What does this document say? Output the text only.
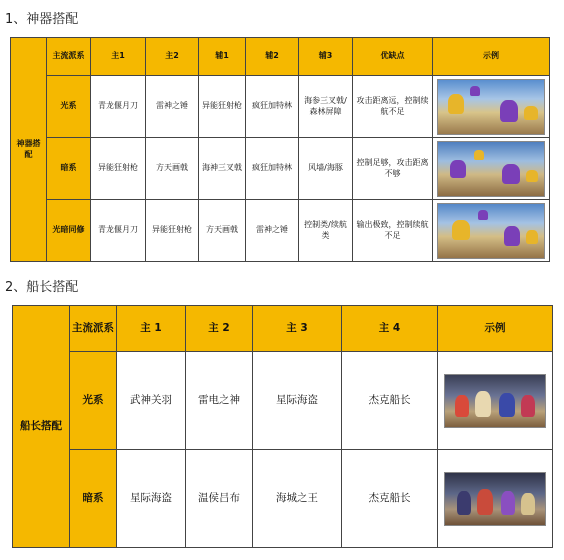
1、神器搭配
神器搭配	主流派系	主1	主2	辅1	辅2	辅3	优缺点	示例
	光系	青龙偃月刀	雷神之锤	异能狂射枪	疯狂加特林	海参三叉戟/森林屏障	攻击距离远，控制续航不足	

	暗系	异能狂射枪	方天画戟	海神三叉戟	疯狂加特林	风墙/海豚	控制足够，攻击距离不够	

	光暗同修	青龙偃月刀	异能狂射枪	方天画戟	雷神之锤	控制类/续航类	输出极致，控制续航不足	
2、船长搭配
船长搭配	主流派系	主 1	主 2	主 3	主 4	示例
	光系	武神关羽	雷电之神	星际海盗	杰克船长	

	暗系	星际海盗	温侯吕布	海城之王	杰克船长	
